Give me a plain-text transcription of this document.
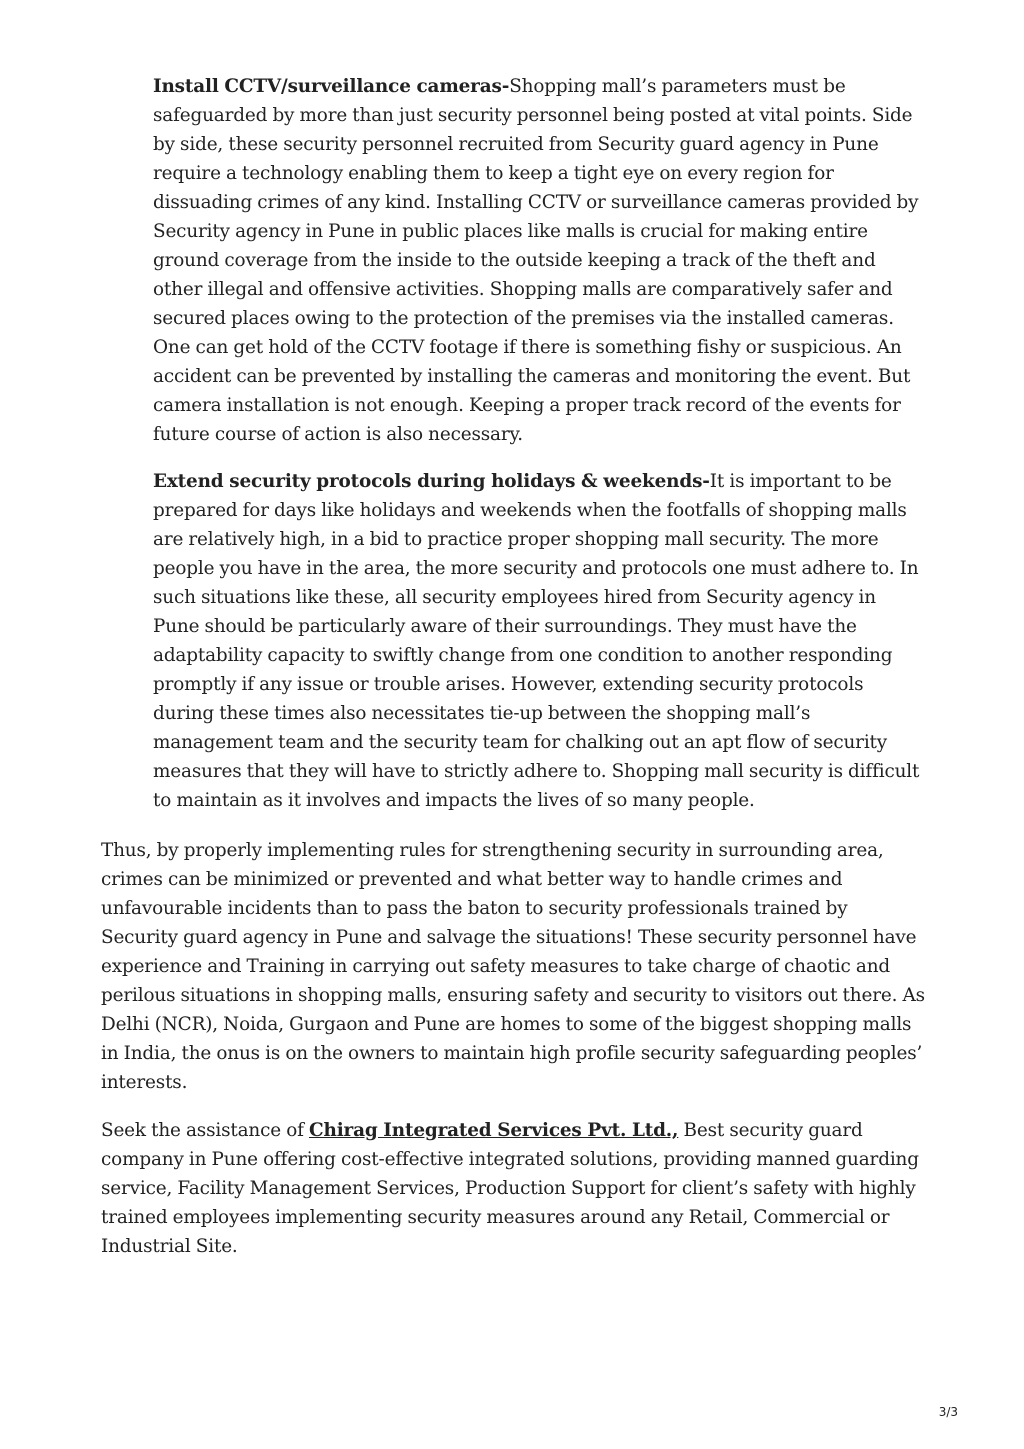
Install CCTV/surveillance cameras-Shopping mall’s parameters must be safeguarded by more than just security personnel being posted at vital points. Side by side, these security personnel recruited from Security guard agency in Pune require a technology enabling them to keep a tight eye on every region for dissuading crimes of any kind. Installing CCTV or surveillance cameras provided by Security agency in Pune in public places like malls is crucial for making entire ground coverage from the inside to the outside keeping a track of the theft and other illegal and offensive activities. Shopping malls are comparatively safer and secured places owing to the protection of the premises via the installed cameras. One can get hold of the CCTV footage if there is something fishy or suspicious. An accident can be prevented by installing the cameras and monitoring the event. But camera installation is not enough. Keeping a proper track record of the events for future course of action is also necessary.

Extend security protocols during holidays & weekends-It is important to be prepared for days like holidays and weekends when the footfalls of shopping malls are relatively high, in a bid to practice proper shopping mall security. The more people you have in the area, the more security and protocols one must adhere to. In such situations like these, all security employees hired from Security agency in Pune should be particularly aware of their surroundings. They must have the adaptability capacity to swiftly change from one condition to another responding promptly if any issue or trouble arises. However, extending security protocols during these times also necessitates tie-up between the shopping mall’s management team and the security team for chalking out an apt flow of security measures that they will have to strictly adhere to. Shopping mall security is difficult to maintain as it involves and impacts the lives of so many people.

Thus, by properly implementing rules for strengthening security in surrounding area, crimes can be minimized or prevented and what better way to handle crimes and unfavourable incidents than to pass the baton to security professionals trained by Security guard agency in Pune and salvage the situations! These security personnel have experience and Training in carrying out safety measures to take charge of chaotic and perilous situations in shopping malls, ensuring safety and security to visitors out there. As Delhi (NCR), Noida, Gurgaon and Pune are homes to some of the biggest shopping malls in India, the onus is on the owners to maintain high profile security safeguarding peoples’ interests.

Seek the assistance of Chirag Integrated Services Pvt. Ltd., Best security guard company in Pune offering cost-effective integrated solutions, providing manned guarding service, Facility Management Services, Production Support for client’s safety with highly trained employees implementing security measures around any Retail, Commercial or Industrial Site.

3/3
